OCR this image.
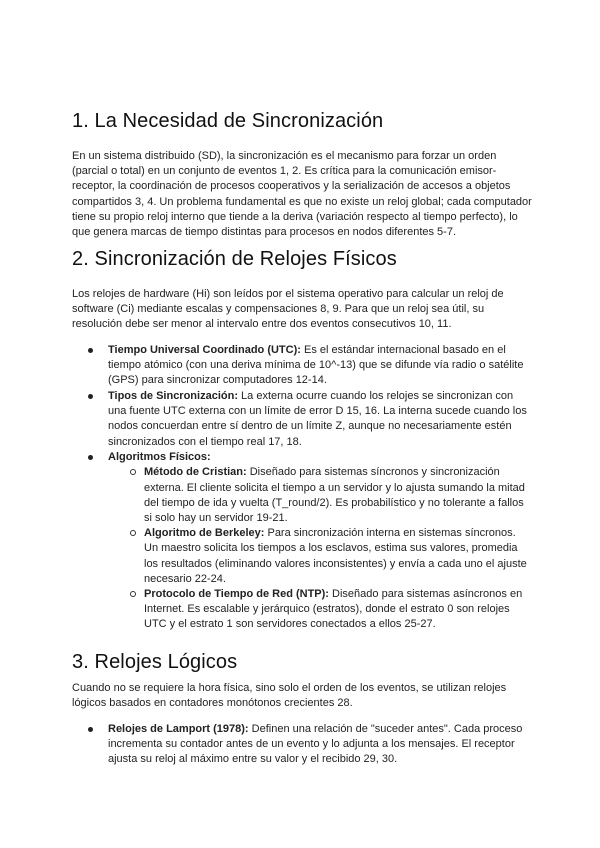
1. La Necesidad de Sincronización

En un sistema distribuido (SD), la sincronización es el mecanismo para forzar un orden (parcial o total) en un conjunto de eventos 1, 2. Es crítica para la comunicación emisor-receptor, la coordinación de procesos cooperativos y la serialización de accesos a objetos compartidos 3, 4. Un problema fundamental es que no existe un reloj global; cada computador tiene su propio reloj interno que tiende a la deriva (variación respecto al tiempo perfecto), lo que genera marcas de tiempo distintas para procesos en nodos diferentes 5-7.

2. Sincronización de Relojes Físicos

Los relojes de hardware (Hi) son leídos por el sistema operativo para calcular un reloj de software (Ci) mediante escalas y compensaciones 8, 9. Para que un reloj sea útil, su resolución debe ser menor al intervalo entre dos eventos consecutivos 10, 11.

Tiempo Universal Coordinado (UTC): Es el estándar internacional basado en el tiempo atómico (con una deriva mínima de 10^-13) que se difunde vía radio o satélite (GPS) para sincronizar computadores 12-14.
Tipos de Sincronización: La externa ocurre cuando los relojes se sincronizan con una fuente UTC externa con un límite de error D 15, 16. La interna sucede cuando los nodos concuerdan entre sí dentro de un límite Z, aunque no necesariamente estén sincronizados con el tiempo real 17, 18.
Algoritmos Físicos:
Método de Cristian: Diseñado para sistemas síncronos y sincronización externa. El cliente solicita el tiempo a un servidor y lo ajusta sumando la mitad del tiempo de ida y vuelta (T_round/2). Es probabilístico y no tolerante a fallos si solo hay un servidor 19-21.
Algoritmo de Berkeley: Para sincronización interna en sistemas síncronos. Un maestro solicita los tiempos a los esclavos, estima sus valores, promedia los resultados (eliminando valores inconsistentes) y envía a cada uno el ajuste necesario 22-24.
Protocolo de Tiempo de Red (NTP): Diseñado para sistemas asíncronos en Internet. Es escalable y jerárquico (estratos), donde el estrato 0 son relojes UTC y el estrato 1 son servidores conectados a ellos 25-27.
3. Relojes Lógicos

Cuando no se requiere la hora física, sino solo el orden de los eventos, se utilizan relojes lógicos basados en contadores monótonos crecientes 28.

Relojes de Lamport (1978): Definen una relación de "suceder antes". Cada proceso incrementa su contador antes de un evento y lo adjunta a los mensajes. El receptor ajusta su reloj al máximo entre su valor y el recibido 29, 30.
